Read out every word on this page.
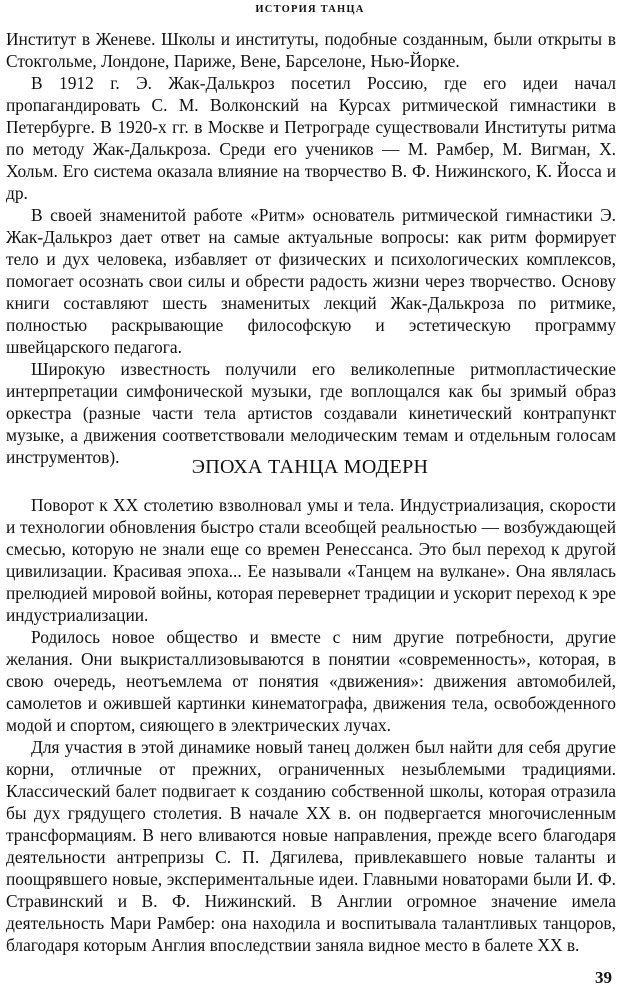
ИСТОРИЯ ТАНЦА

Институт в Женеве. Школы и институты, подобные созданным, были открыты в Стокгольме, Лондоне, Париже, Вене, Барселоне, Нью-Йорке.

В 1912 г. Э. Жак-Далькроз посетил Россию, где его идеи начал пропагандировать С. М. Волконский на Курсах ритмической гимнастики в Петербурге. В 1920-х гг. в Москве и Петрограде существовали Институты ритма по методу Жак-Далькроза. Среди его учеников — М. Рамбер, М. Вигман, Х. Хольм. Его система оказала влияние на творчество В. Ф. Нижинского, К. Йосса и др.

В своей знаменитой работе «Ритм» основатель ритмической гимнастики Э. Жак-Далькроз дает ответ на самые актуальные вопросы: как ритм формирует тело и дух человека, избавляет от физических и психологических комплексов, помогает осознать свои силы и обрести радость жизни через творчество. Основу книги составляют шесть знаменитых лекций Жак-Далькроза по ритмике, полностью раскрывающие философскую и эстетическую программу швейцарского педагога.

Широкую известность получили его великолепные ритмопластические интерпретации симфонической музыки, где воплощался как бы зримый образ оркестра (разные части тела артистов создавали кинетический контрапункт музыке, а движения соответствовали мелодическим темам и отдельным голосам инструментов).	ЭПОХА ТАНЦА МОДЕРН

Поворот к XX столетию взволновал умы и тела. Индустриализация, скорости и технологии обновления быстро стали всеобщей реальностью — возбуждающей смесью, которую не знали еще со времен Ренессанса. Это был переход к другой цивилизации. Красивая эпоха... Ее называли «Танцем на вулкане». Она являлась прелюдией мировой войны, которая перевернет традиции и ускорит переход к эре индустриализации.

Родилось новое общество и вместе с ним другие потребности, другие желания. Они выкристаллизовываются в понятии «современность», которая, в свою очередь, неотъемлема от понятия «движения»: движения автомобилей, самолетов и ожившей картинки кинематографа, движения тела, освобожденного модой и спортом, сияющего в электрических лучах.

Для участия в этой динамике новый танец должен был найти для себя другие корни, отличные от прежних, ограниченных незыблемыми традициями. Классический балет подвигает к созданию собственной школы, которая отразила бы дух грядущего столетия. В начале XX в. он подвергается многочисленным трансформациям. В него вливаются новые направления, прежде всего благодаря деятельности антрепризы С. П. Дягилева, привлекавшего новые таланты и поощрявшего новые, экспериментальные идеи. Главными новаторами были И. Ф. Стравинский и В. Ф. Нижинский. В Англии огромное значение имела деятельность Мари Рамбер: она находила и воспитывала талантливых танцоров, благодаря которым Англия впоследствии заняла видное место в балете XX в.

39
